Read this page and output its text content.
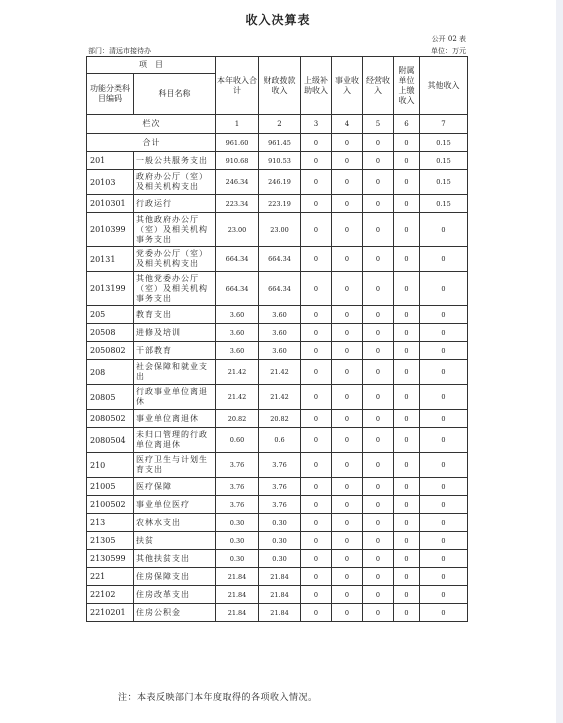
收入决算表
公开 02 表
部门：清远市接待办	单位：万元
项　目		本年收入合计	财政拨款收入	上级补助收入	事业收入	经营收入	附属单位上缴收入	其他收入
功能分类科目编码	科目名称							
栏次		1	2	3	4	5	6	7
合计		961.60	961.45	0	0	0	0	0.15
201	一般公共服务支出	910.68	910.53	0	0	0	0	0.15
20103	政府办公厅（室）及相关机构支出	246.34	246.19	0	0	0	0	0.15
2010301	行政运行	223.34	223.19	0	0	0	0	0.15
2010399	其他政府办公厅（室）及相关机构事务支出	23.00	23.00	0	0	0	0	0
20131	党委办公厅（室）及相关机构支出	664.34	664.34	0	0	0	0	0
2013199	其他党委办公厅（室）及相关机构事务支出	664.34	664.34	0	0	0	0	0
205	教育支出	3.60	3.60	0	0	0	0	0
20508	进修及培训	3.60	3.60	0	0	0	0	0
2050802	干部教育	3.60	3.60	0	0	0	0	0
208	社会保障和就业支出	21.42	21.42	0	0	0	0	0
20805	行政事业单位离退休	21.42	21.42	0	0	0	0	0
2080502	事业单位离退休	20.82	20.82	0	0	0	0	0
2080504	未归口管理的行政单位离退休	0.60	0.6	0	0	0	0	0
210	医疗卫生与计划生育支出	3.76	3.76	0	0	0	0	0
21005	医疗保障	3.76	3.76	0	0	0	0	0
2100502	事业单位医疗	3.76	3.76	0	0	0	0	0
213	农林水支出	0.30	0.30	0	0	0	0	0
21305	扶贫	0.30	0.30	0	0	0	0	0
2130599	其他扶贫支出	0.30	0.30	0	0	0	0	0
221	住房保障支出	21.84	21.84	0	0	0	0	0
22102	住房改革支出	21.84	21.84	0	0	0	0	0
2210201	住房公积金	21.84	21.84	0	0	0	0	0
注：本表反映部门本年度取得的各项收入情况。
